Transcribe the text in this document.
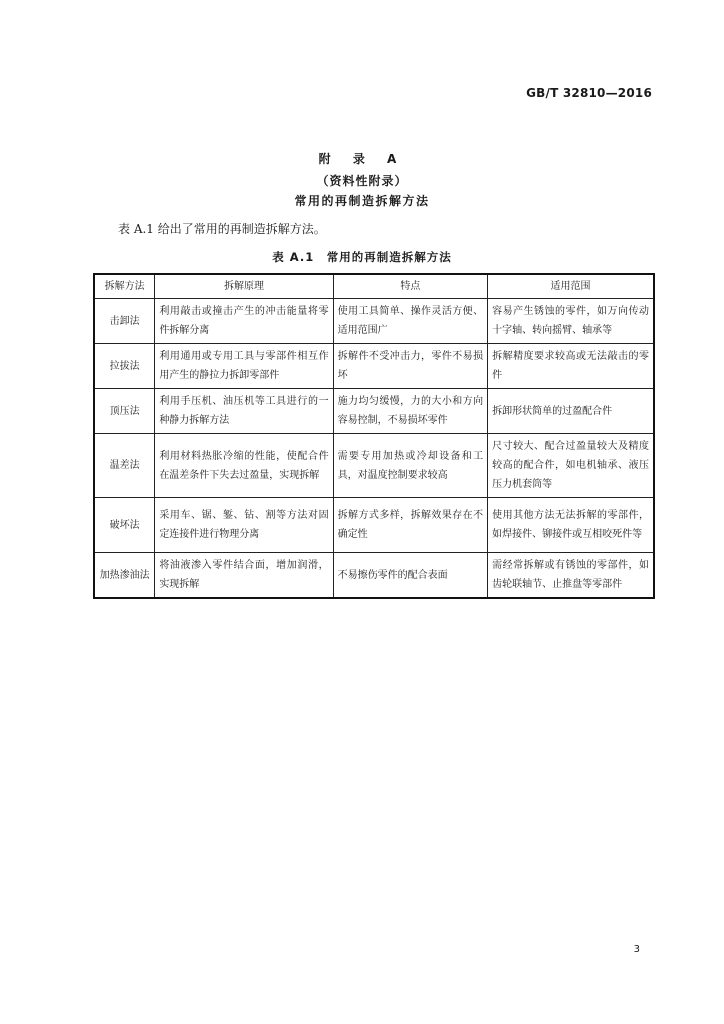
GB/T 32810—2016
附 录 A
（资料性附录）
常用的再制造拆解方法
表 A.1 给出了常用的再制造拆解方法。
表 A.1　常用的再制造拆解方法
拆解方法	拆解原理	特点	适用范围
击卸法	利用敲击或撞击产生的冲击能量将零件拆解分离	使用工具简单、操作灵活方便、适用范围广	容易产生锈蚀的零件，如万向传动十字轴、转向摇臂、轴承等
拉拔法	利用通用或专用工具与零部件相互作用产生的静拉力拆卸零部件	拆解件不受冲击力，零件不易损坏	拆解精度要求较高或无法敲击的零件
顶压法	利用手压机、油压机等工具进行的一种静力拆解方法	施力均匀缓慢，力的大小和方向容易控制，不易损坏零件	拆卸形状简单的过盈配合件
温差法	利用材料热胀冷缩的性能，使配合件在温差条件下失去过盈量，实现拆解	需要专用加热或冷却设备和工具，对温度控制要求较高	尺寸较大、配合过盈量较大及精度较高的配合件，如电机轴承、液压压力机套筒等
破坏法	采用车、锯、錾、钻、割等方法对固定连接件进行物理分离	拆解方式多样，拆解效果存在不确定性	使用其他方法无法拆解的零部件，如焊接件、铆接件或互相咬死件等
加热渗油法	将油液渗入零件结合面，增加润滑，实现拆解	不易擦伤零件的配合表面	需经常拆解或有锈蚀的零部件，如齿轮联轴节、止推盘等零部件
3
